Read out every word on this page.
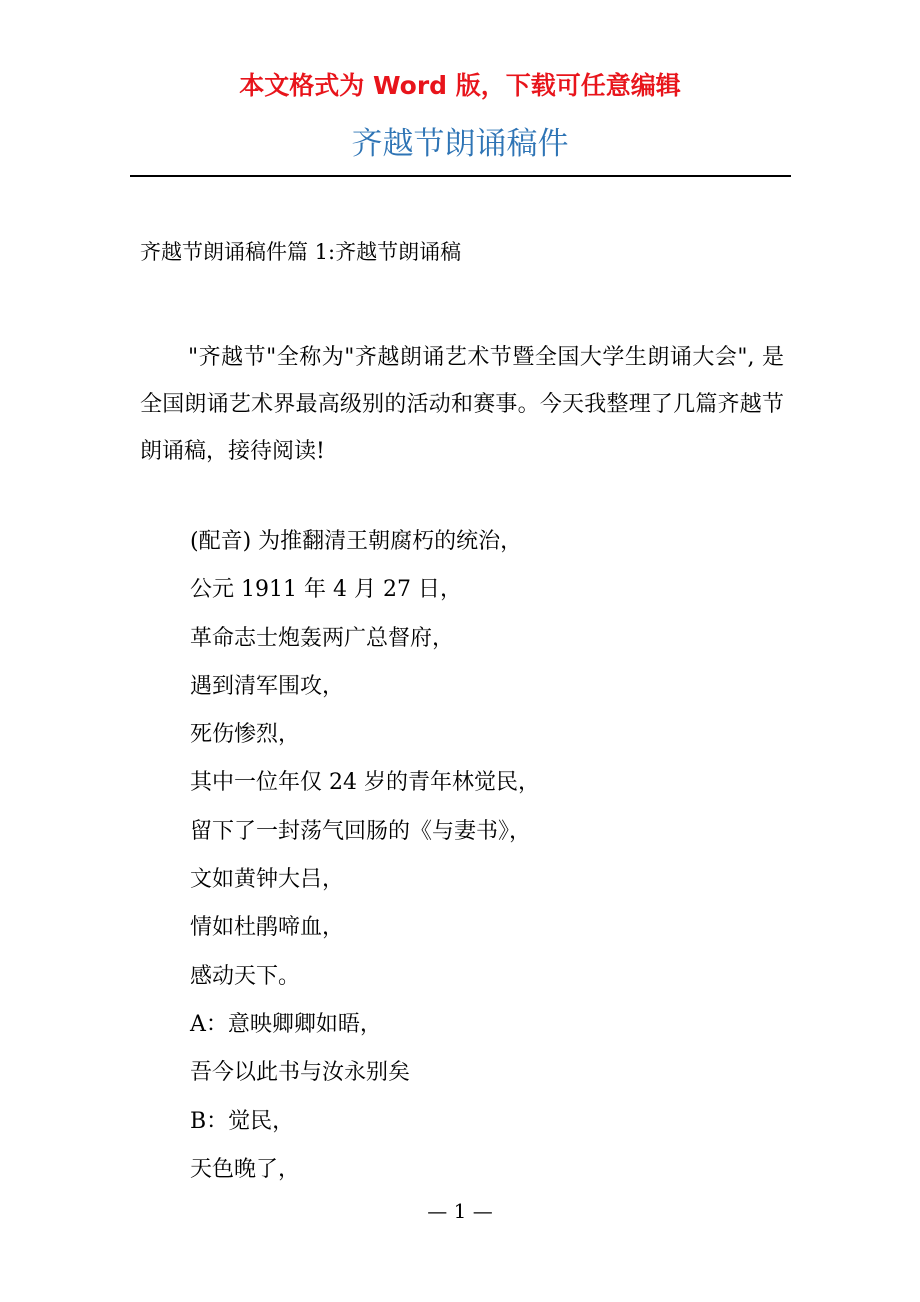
本文格式为 Word 版，下载可任意编辑
齐越节朗诵稿件
齐越节朗诵稿件篇 1:齐越节朗诵稿

"齐越节"全称为"齐越朗诵艺术节暨全国大学生朗诵大会", 是全国朗诵艺术界最高级别的活动和赛事。今天我整理了几篇齐越节朗诵稿，接待阅读!

(配音) 为推翻清王朝腐朽的统治，
公元 1911 年 4 月 27 日，
革命志士炮轰两广总督府，
遇到清军围攻，
死伤惨烈，
其中一位年仅 24 岁的青年林觉民，
留下了一封荡气回肠的《与妻书》，
文如黄钟大吕，
情如杜鹃啼血，
感动天下。
A：意映卿卿如晤，
吾今以此书与汝永别矣
B：觉民，
天色晚了，
— 1 —
